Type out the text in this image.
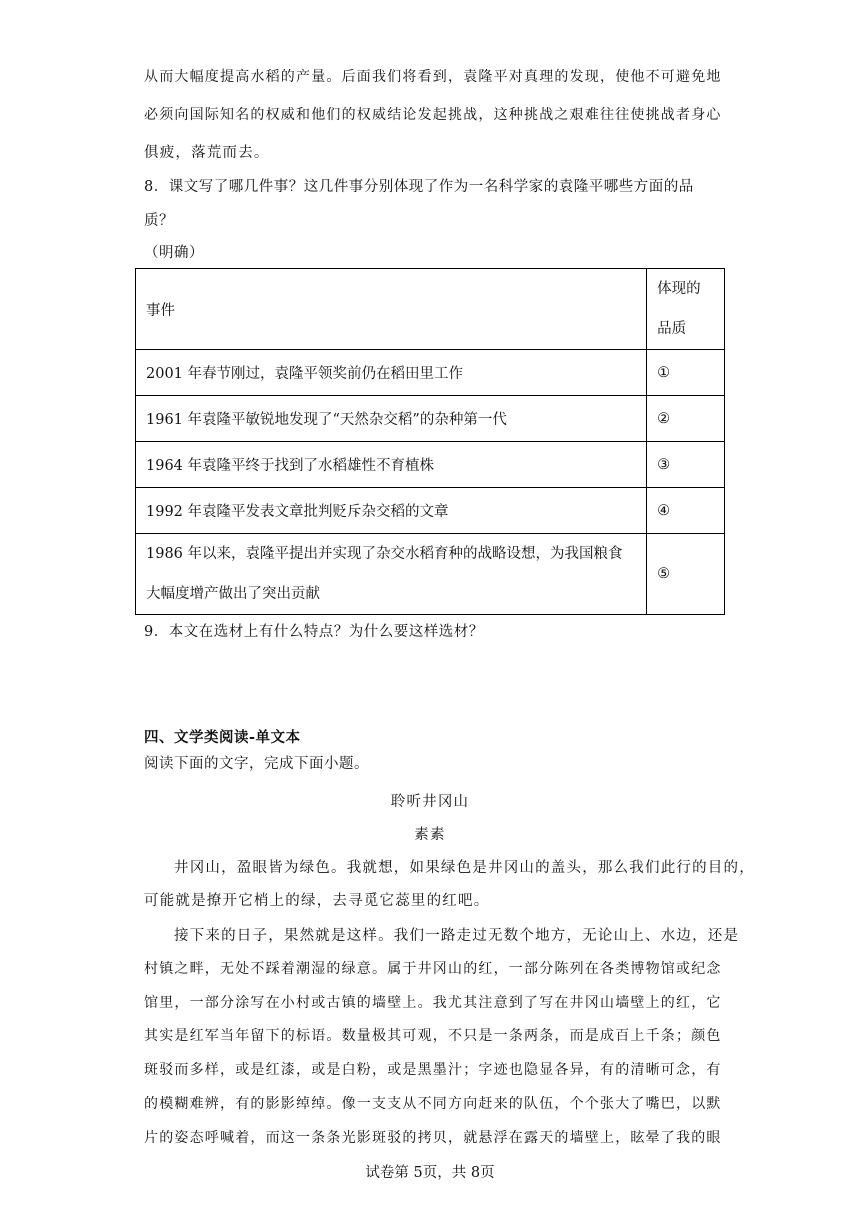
从而大幅度提高水稻的产量。后面我们将看到，袁隆平对真理的发现，使他不可避免地
必须向国际知名的权威和他们的权威结论发起挑战，这种挑战之艰难往往使挑战者身心
俱疲，落荒而去。
8．课文写了哪几件事？这几件事分别体现了作为一名科学家的袁隆平哪些方面的品
质？
（明确）
事件	体现的
品质
2001 年春节刚过，袁隆平领奖前仍在稻田里工作	①
1961 年袁隆平敏锐地发现了“天然杂交稻”的杂种第一代	②
1964 年袁隆平终于找到了水稻雄性不育植株	③
1992 年袁隆平发表文章批判贬斥杂交稻的文章	④
1986 年以来，袁隆平提出并实现了杂交水稻育种的战略设想，为我国粮食
大幅度增产做出了突出贡献	⑤
9．本文在选材上有什么特点？为什么要这样选材？
四、文学类阅读-单文本
阅读下面的文字，完成下面小题。
聆听井冈山
素素
井冈山，盈眼皆为绿色。我就想，如果绿色是井冈山的盖头，那么我们此行的目的，
可能就是撩开它梢上的绿，去寻觅它蕊里的红吧。
接下来的日子，果然就是这样。我们一路走过无数个地方，无论山上、水边，还是
村镇之畔，无处不踩着潮湿的绿意。属于井冈山的红，一部分陈列在各类博物馆或纪念
馆里，一部分涂写在小村或古镇的墙壁上。我尤其注意到了写在井冈山墙壁上的红，它
其实是红军当年留下的标语。数量极其可观，不只是一条两条，而是成百上千条；颜色
斑驳而多样，或是红漆，或是白粉，或是黑墨汁；字迹也隐显各异，有的清晰可念，有
的模糊难辨，有的影影绰绰。像一支支从不同方向赶来的队伍，个个张大了嘴巴，以默
片的姿态呼喊着，而这一条条光影斑驳的拷贝，就悬浮在露天的墙壁上，眩晕了我的眼
试卷第 5页，共 8页
